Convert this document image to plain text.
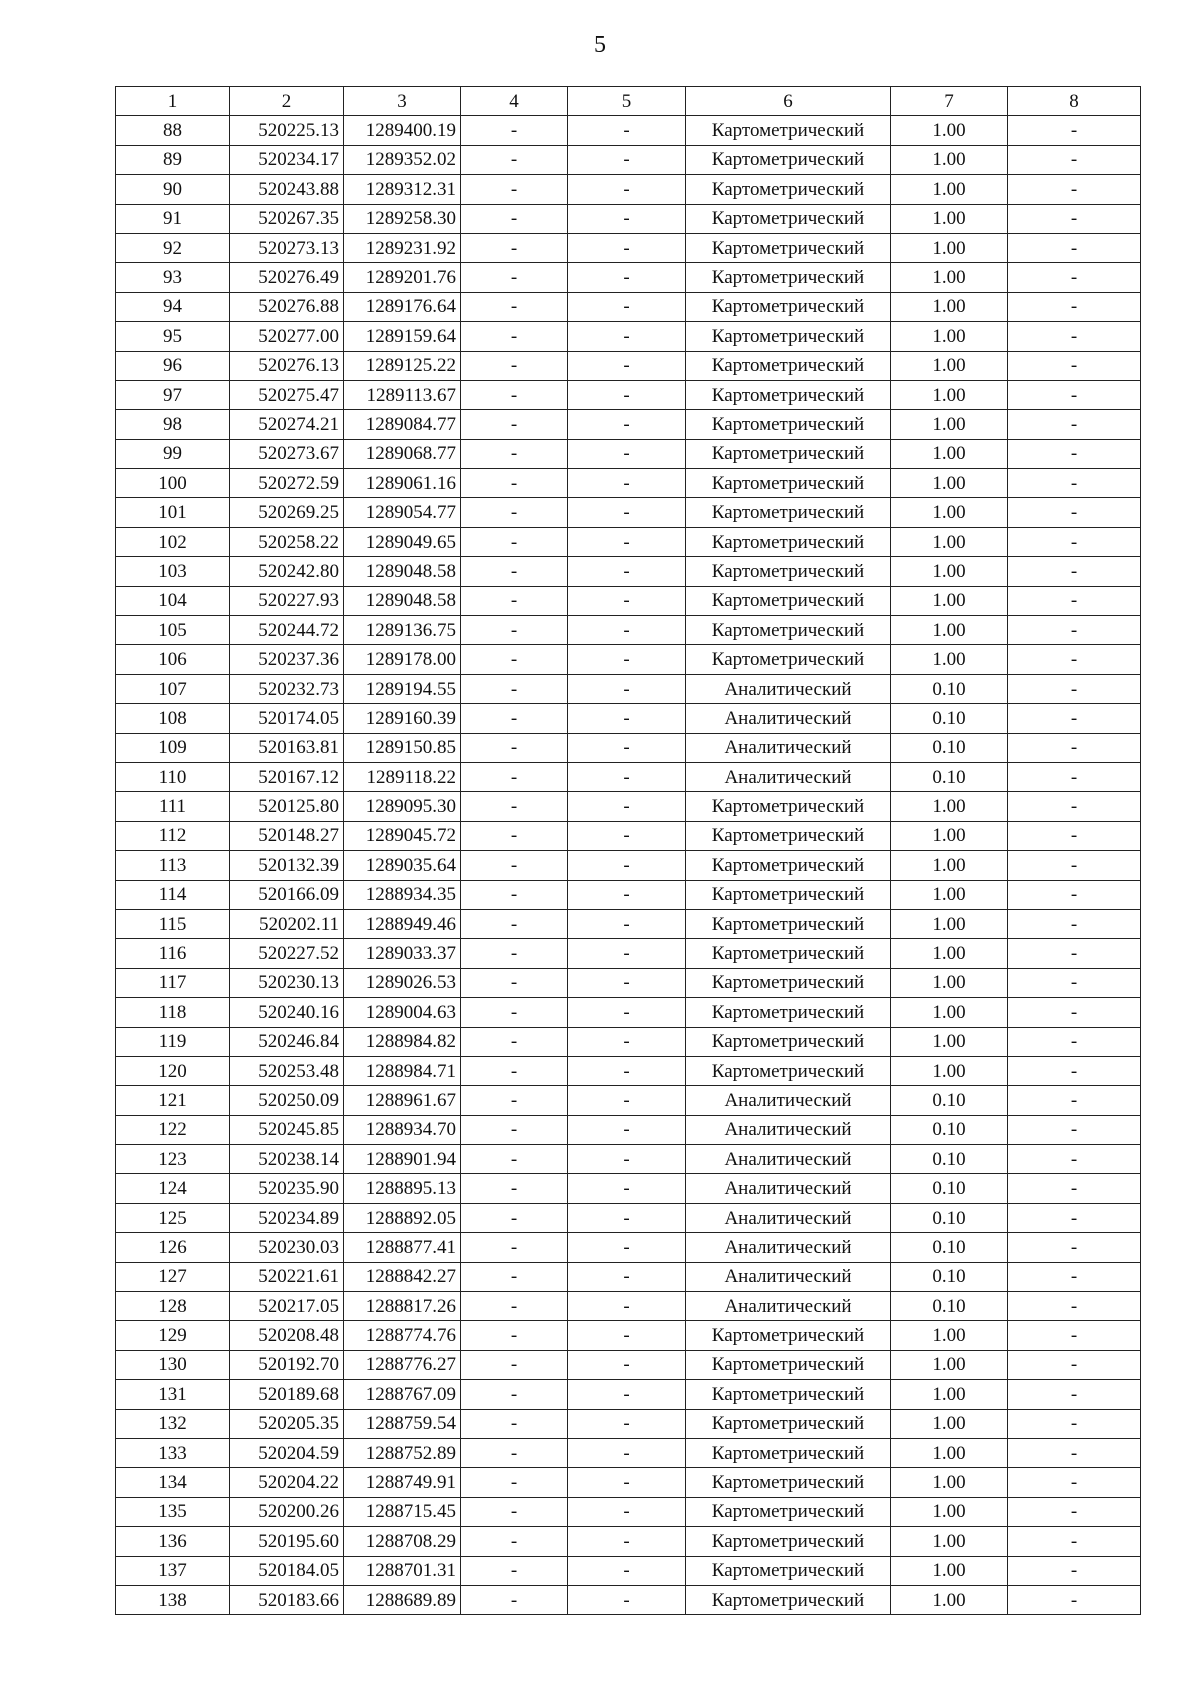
5
1	2	3	4	5	6	7	8
88	520225.13	1289400.19	-	-	Картометрический	1.00	-
89	520234.17	1289352.02	-	-	Картометрический	1.00	-
90	520243.88	1289312.31	-	-	Картометрический	1.00	-
91	520267.35	1289258.30	-	-	Картометрический	1.00	-
92	520273.13	1289231.92	-	-	Картометрический	1.00	-
93	520276.49	1289201.76	-	-	Картометрический	1.00	-
94	520276.88	1289176.64	-	-	Картометрический	1.00	-
95	520277.00	1289159.64	-	-	Картометрический	1.00	-
96	520276.13	1289125.22	-	-	Картометрический	1.00	-
97	520275.47	1289113.67	-	-	Картометрический	1.00	-
98	520274.21	1289084.77	-	-	Картометрический	1.00	-
99	520273.67	1289068.77	-	-	Картометрический	1.00	-
100	520272.59	1289061.16	-	-	Картометрический	1.00	-
101	520269.25	1289054.77	-	-	Картометрический	1.00	-
102	520258.22	1289049.65	-	-	Картометрический	1.00	-
103	520242.80	1289048.58	-	-	Картометрический	1.00	-
104	520227.93	1289048.58	-	-	Картометрический	1.00	-
105	520244.72	1289136.75	-	-	Картометрический	1.00	-
106	520237.36	1289178.00	-	-	Картометрический	1.00	-
107	520232.73	1289194.55	-	-	Аналитический	0.10	-
108	520174.05	1289160.39	-	-	Аналитический	0.10	-
109	520163.81	1289150.85	-	-	Аналитический	0.10	-
110	520167.12	1289118.22	-	-	Аналитический	0.10	-
111	520125.80	1289095.30	-	-	Картометрический	1.00	-
112	520148.27	1289045.72	-	-	Картометрический	1.00	-
113	520132.39	1289035.64	-	-	Картометрический	1.00	-
114	520166.09	1288934.35	-	-	Картометрический	1.00	-
115	520202.11	1288949.46	-	-	Картометрический	1.00	-
116	520227.52	1289033.37	-	-	Картометрический	1.00	-
117	520230.13	1289026.53	-	-	Картометрический	1.00	-
118	520240.16	1289004.63	-	-	Картометрический	1.00	-
119	520246.84	1288984.82	-	-	Картометрический	1.00	-
120	520253.48	1288984.71	-	-	Картометрический	1.00	-
121	520250.09	1288961.67	-	-	Аналитический	0.10	-
122	520245.85	1288934.70	-	-	Аналитический	0.10	-
123	520238.14	1288901.94	-	-	Аналитический	0.10	-
124	520235.90	1288895.13	-	-	Аналитический	0.10	-
125	520234.89	1288892.05	-	-	Аналитический	0.10	-
126	520230.03	1288877.41	-	-	Аналитический	0.10	-
127	520221.61	1288842.27	-	-	Аналитический	0.10	-
128	520217.05	1288817.26	-	-	Аналитический	0.10	-
129	520208.48	1288774.76	-	-	Картометрический	1.00	-
130	520192.70	1288776.27	-	-	Картометрический	1.00	-
131	520189.68	1288767.09	-	-	Картометрический	1.00	-
132	520205.35	1288759.54	-	-	Картометрический	1.00	-
133	520204.59	1288752.89	-	-	Картометрический	1.00	-
134	520204.22	1288749.91	-	-	Картометрический	1.00	-
135	520200.26	1288715.45	-	-	Картометрический	1.00	-
136	520195.60	1288708.29	-	-	Картометрический	1.00	-
137	520184.05	1288701.31	-	-	Картометрический	1.00	-
138	520183.66	1288689.89	-	-	Картометрический	1.00	-
